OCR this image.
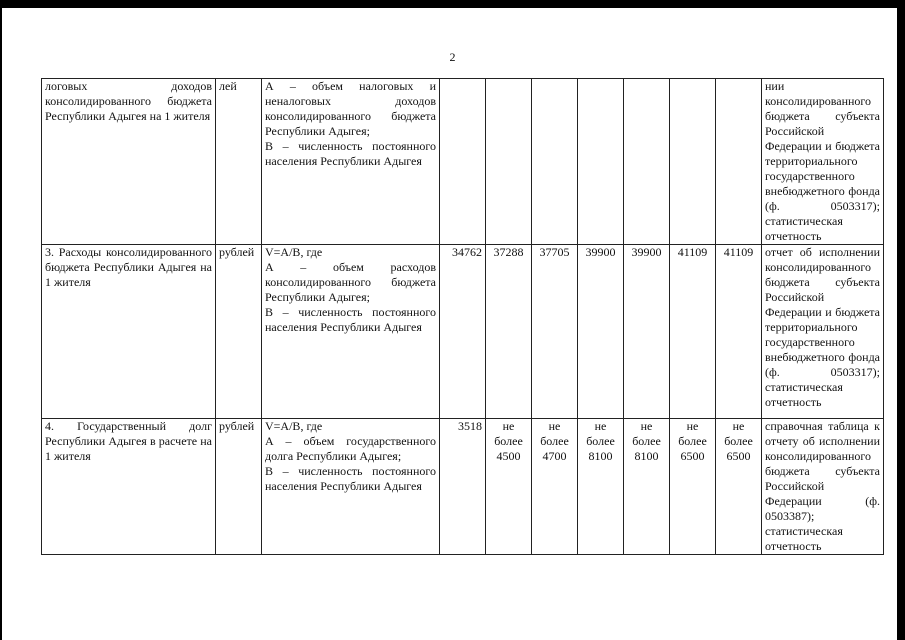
2
логовых доходов консолидированного бюджета Республики Адыгея на 1 жителя	лей	А – объем налоговых и неналоговых доходов консолидированного бюджета Республики Адыгея;
В – численность постоянного населения Республики Адыгея								нии консолидированного бюджета субъекта Российской Федерации и бюджета территориального государственного внебюджетного фонда (ф. 0503317); статистическая отчетность
3. Расходы консолидированного бюджета Республики Адыгея на 1 жителя	рублей	V=A/B, где
А – объем расходов консолидированного бюджета Республики Адыгея;
В – численность постоянного населения Республики Адыгея	34762	37288	37705	39900	39900	41109	41109	отчет об исполнении консолидированного бюджета субъекта Российской Федерации и бюджета территориального государственного внебюджетного фонда (ф. 0503317); статистическая отчетность
4. Государственный долг Республики Адыгея в расчете на 1 жителя	рублей	V=A/B, где
А – объем государственного долга Республики Адыгея;
В – численность постоянного населения Республики Адыгея	3518	не
более
4500	не
более
4700	не
более
8100	не
более
8100	не
более
6500	не
более
6500	справочная таблица к отчету об исполнении консолидированного бюджета субъекта Российской Федерации (ф. 0503387); статистическая отчетность
